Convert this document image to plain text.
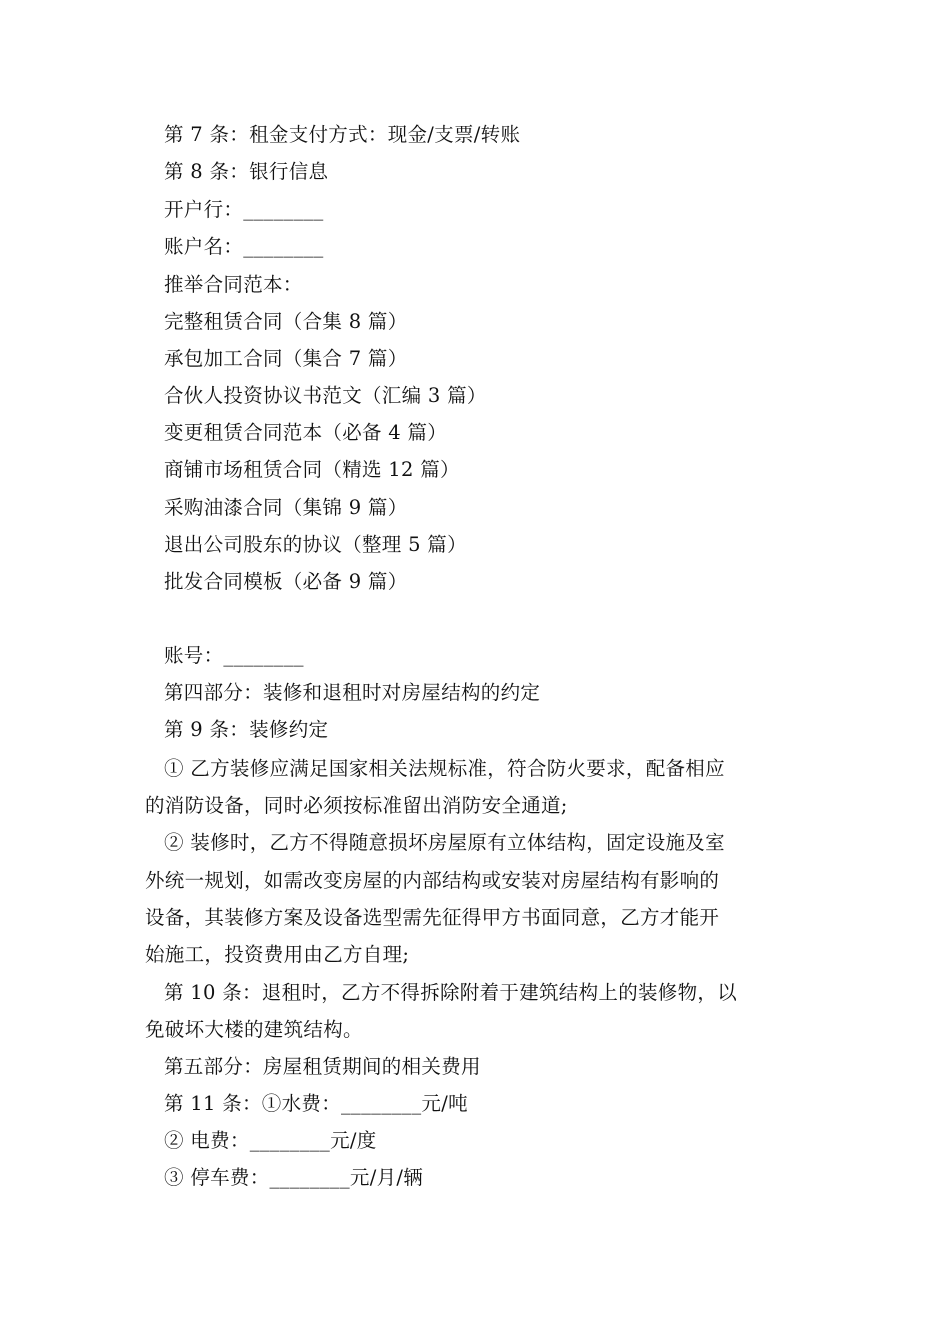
第 7 条：租金支付方式：现金/支票/转账
第 8 条：银行信息
开户行：________
账户名：________
推举合同范本：
完整租赁合同（合集 8 篇）
承包加工合同（集合 7 篇）
合伙人投资协议书范文（汇编 3 篇）
变更租赁合同范本（必备 4 篇）
商铺市场租赁合同（精选 12 篇）
采购油漆合同（集锦 9 篇）
退出公司股东的协议（整理 5 篇）
批发合同模板（必备 9 篇）
账号：________
第四部分：装修和退租时对房屋结构的约定
第 9 条：装修约定
① 乙方装修应满足国家相关法规标准，符合防火要求，配备相应
的消防设备，同时必须按标准留出消防安全通道;
② 装修时，乙方不得随意损坏房屋原有立体结构，固定设施及室
外统一规划，如需改变房屋的内部结构或安装对房屋结构有影响的
设备，其装修方案及设备选型需先征得甲方书面同意，乙方才能开
始施工，投资费用由乙方自理;
第 10 条：退租时，乙方不得拆除附着于建筑结构上的装修物，以
免破坏大楼的建筑结构。
第五部分：房屋租赁期间的相关费用
第 11 条：①水费：________元/吨
② 电费：________元/度
③ 停车费：________元/月/辆
